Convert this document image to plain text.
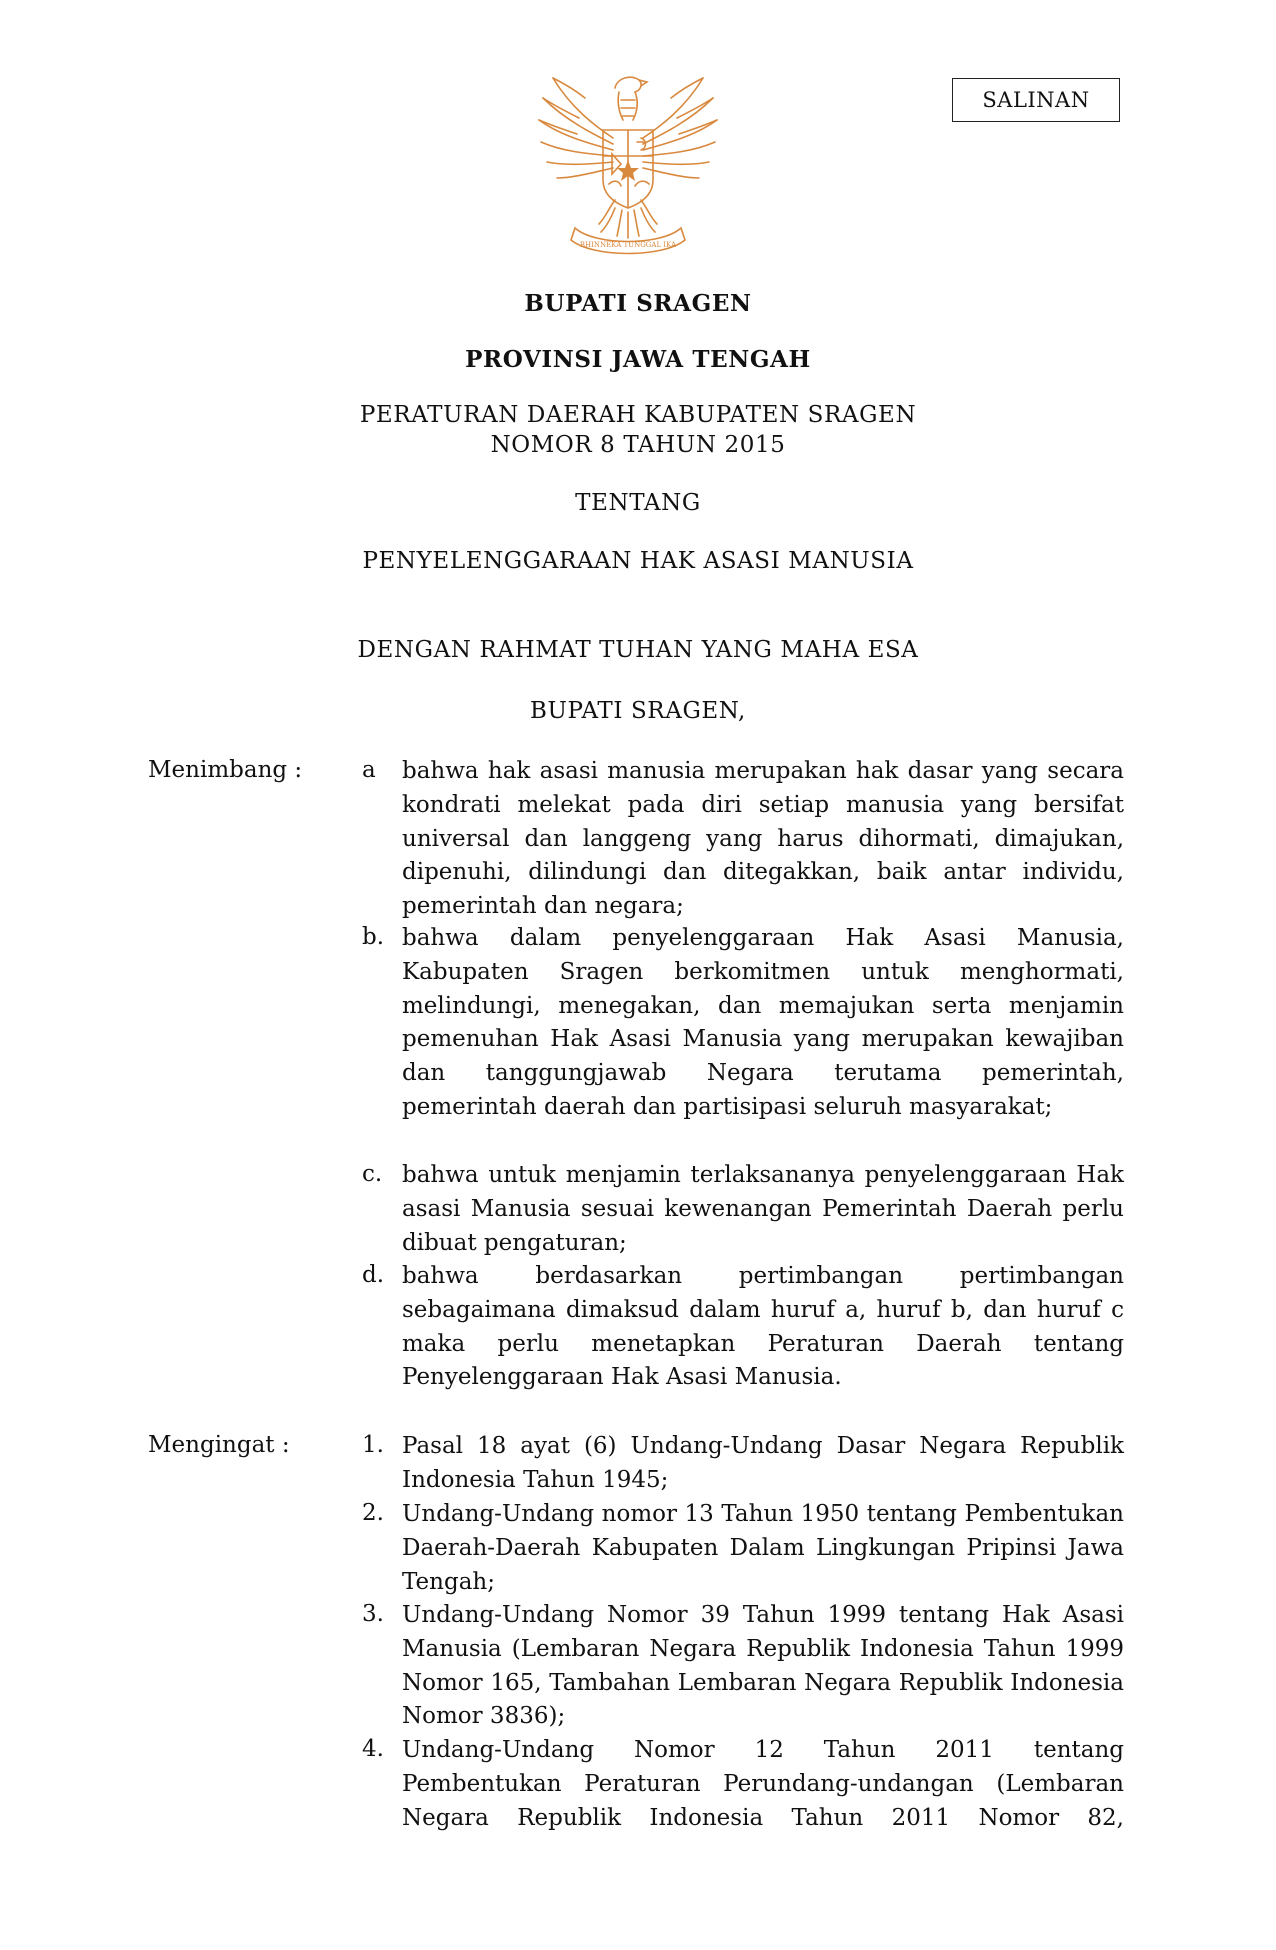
SALINAN
BHINNEKA TUNGGAL IKA
BUPATI SRAGEN
PROVINSI JAWA TENGAH
PERATURAN DAERAH KABUPATEN SRAGEN
NOMOR 8 TAHUN 2015
TENTANG
PENYELENGGARAAN HAK ASASI MANUSIA
DENGAN RAHMAT TUHAN YANG MAHA ESA
BUPATI SRAGEN,
Menimbang :	a bahwa hak asasi manusia merupakan hak dasar yang secara kondrati melekat pada diri setiap manusia yang bersifat universal dan langgeng yang harus dihormati, dimajukan, dipenuhi, dilindungi dan ditegakkan, baik antar individu, pemerintah dan negara;
b. bahwa dalam penyelenggaraan Hak Asasi Manusia, Kabupaten Sragen berkomitmen untuk menghormati, melindungi, menegakan, dan memajukan serta menjamin pemenuhan Hak Asasi Manusia yang merupakan kewajiban dan tanggungjawab Negara terutama pemerintah, pemerintah daerah dan partisipasi seluruh masyarakat;
c. bahwa untuk menjamin terlaksananya penyelenggaraan Hak asasi Manusia sesuai kewenangan Pemerintah Daerah perlu dibuat pengaturan;
d. bahwa berdasarkan pertimbangan pertimbangan sebagaimana dimaksud dalam huruf a, huruf b, dan huruf c maka perlu menetapkan Peraturan Daerah tentang Penyelenggaraan Hak Asasi Manusia.
Mengingat :	1. Pasal 18 ayat (6) Undang-Undang Dasar Negara Republik Indonesia Tahun 1945;
2. Undang-Undang nomor 13 Tahun 1950 tentang Pembentukan Daerah-Daerah Kabupaten Dalam Lingkungan Pripinsi Jawa Tengah;
3. Undang-Undang Nomor 39 Tahun 1999 tentang Hak Asasi Manusia (Lembaran Negara Republik Indonesia Tahun 1999 Nomor 165, Tambahan Lembaran Negara Republik Indonesia Nomor 3836);
4. Undang-Undang Nomor 12 Tahun 2011 tentang Pembentukan Peraturan Perundang-undangan (Lembaran Negara Republik Indonesia Tahun 2011 Nomor 82,
